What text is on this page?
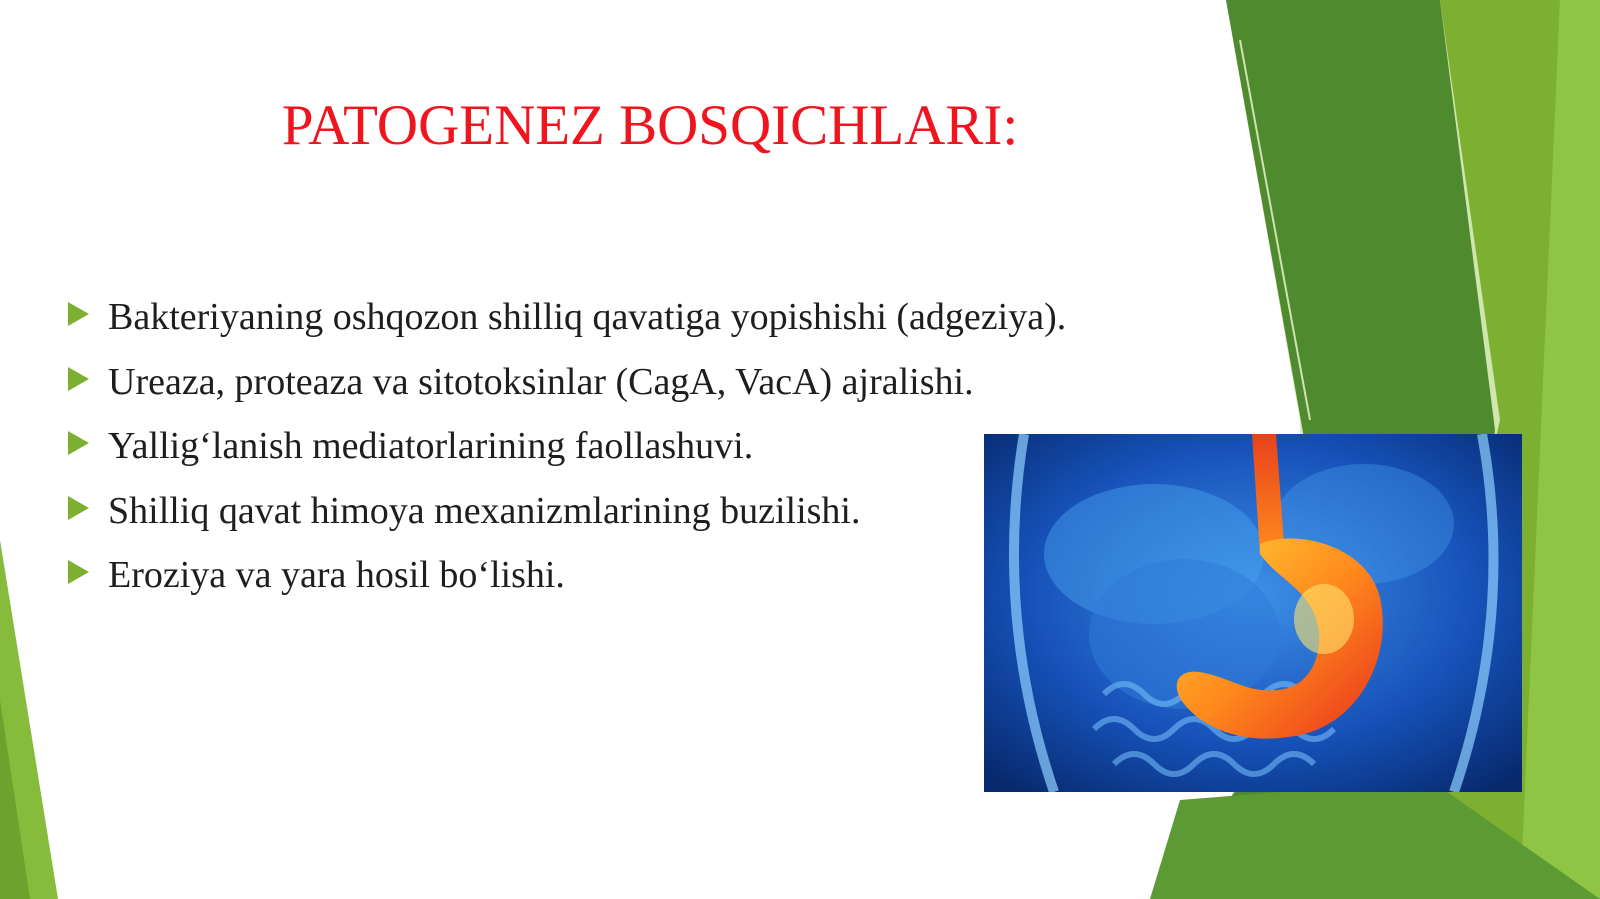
PATOGENEZ BOSQICHLARI:
Bakteriyaning oshqozon shilliq qavatiga yopishishi (adgeziya).
Ureaza, proteaza va sitotoksinlar (CagA, VacA) ajralishi.
Yallig‘lanish mediatorlarining faollashuvi.
Shilliq qavat himoya mexanizmlarining buzilishi.
Eroziya va yara hosil bo‘lishi.
